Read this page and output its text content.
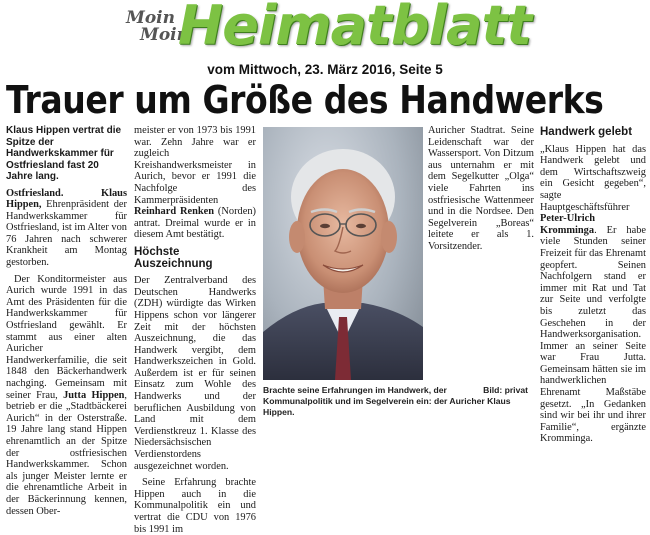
Moin
Moin
Heimatblatt
vom Mittwoch, 23. März 2016, Seite 5
Trauer um Größe des Handwerks

Klaus Hippen vertrat die Spitze der Handwerkskammer für Ostfriesland fast 20 Jahre lang.

Ostfriesland. Klaus Hippen, Ehrenpräsident der Handwerkskammer für Ostfriesland, ist im Alter von 76 Jahren nach schwerer Krankheit am Montag gestorben.

Der Konditormeister aus Aurich wurde 1991 in das Amt des Präsidenten für die Handwerkskammer für Ostfriesland gewählt. Er stammt aus einer alten Auricher Handwerkerfamilie, die seit 1848 den Bäckerhandwerk nachging. Gemeinsam mit seiner Frau, Jutta Hippen, betrieb er die „Stadtbäckerei Aurich“ in der Osterstraße. 19 Jahre lang stand Hippen ehrenamtlich an der Spitze der ostfriesischen Handwerkskammer. Schon als junger Meister lernte er die ehrenamtliche Arbeit in der Bäckerinnung kennen, dessen Ober-

meister er von 1973 bis 1991 war. Zehn Jahre war er zugleich Kreishandwerksmeister in Aurich, bevor er 1991 die Nachfolge des Kammerpräsidenten Reinhard Renken (Norden) antrat. Dreimal wurde er in diesem Amt bestätigt.

Höchste Auszeichnung

Der Zentralverband des Deutschen Handwerks (ZDH) würdigte das Wirken Hippens schon vor längerer Zeit mit der höchsten Auszeichnung, die das Handwerk vergibt, dem Handwerkszeichen in Gold. Außerdem ist er für seinen Einsatz zum Wohle des Handwerks und der beruflichen Ausbildung von Land mit dem Verdienstkreuz 1. Klasse des Niedersächsischen Verdienstordens ausgezeichnet worden.

Seine Erfahrung brachte Hippen auch in die Kommunalpolitik ein und vertrat die CDU von 1976 bis 1991 im

Auricher Stadtrat. Seine Leidenschaft war der Wassersport. Von Ditzum aus unternahm er mit dem Segelkutter „Olga“ viele Fahrten ins ostfriesische Wattenmeer und in die Nordsee. Den Segelverein „Boreas“ leitete er als 1. Vorsitzender.

Handwerk gelebt

„Klaus Hippen hat das Handwerk gelebt und dem Wirtschaftszweig ein Gesicht gegeben“, sagte Hauptgeschäftsführer Peter-Ulrich Kromminga. Er habe viele Stunden seiner Freizeit für das Ehrenamt geopfert. Seinen Nachfolgern stand er immer mit Rat und Tat zur Seite und verfolgte bis zuletzt das Geschehen in der Handwerksorganisation. Immer an seiner Seite war Frau Jutta. Gemeinsam hätten sie im handwerklichen Ehrenamt Maßstäbe gesetzt. „In Gedanken sind wir bei ihr und ihrer Familie“, ergänzte Kromminga.

Bild: privat
Brachte seine Erfahrungen im Handwerk, der Kommunalpolitik und im Segelverein ein: der Auricher Klaus Hippen.
